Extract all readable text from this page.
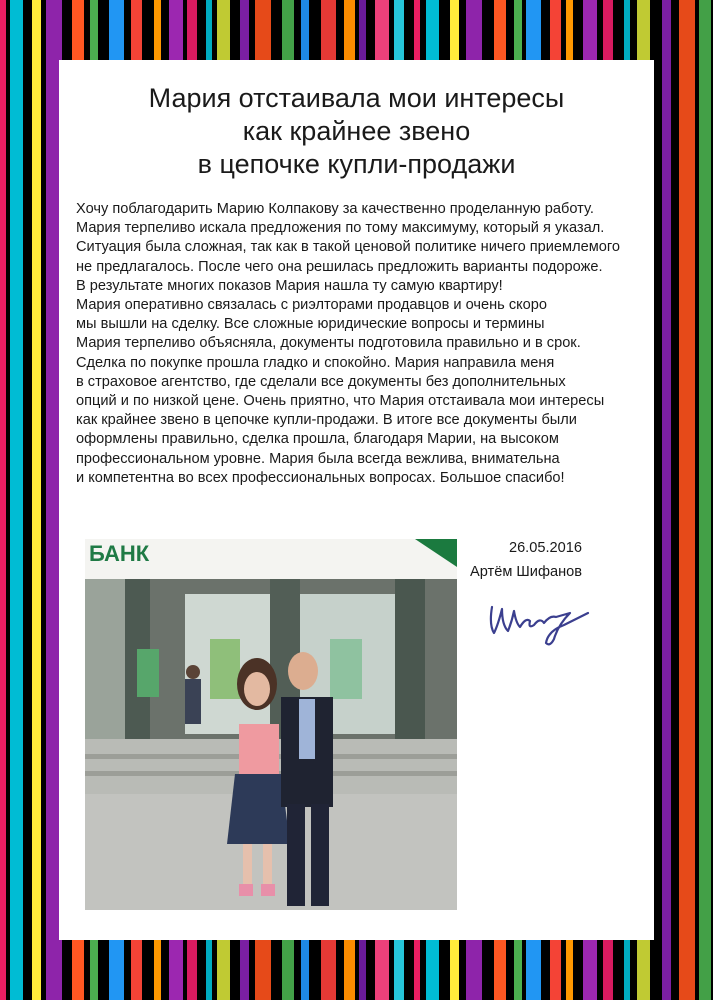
Мария отстаивала мои интересы
как крайнее звено
в цепочке купли-продажи
Хочу поблагодарить Марию Колпакову за качественно проделанную работу.
Мария терпеливо искала предложения по тому максимуму, который я указал.
Ситуация была сложная, так как в такой ценовой политике ничего приемлемого
не предлагалось. После чего она решилась предложить варианты подороже.
В результате многих показов Мария нашла ту самую квартиру!
Мария оперативно связалась с риэлторами продавцов и очень скоро
мы вышли на сделку. Все сложные юридические вопросы и термины
Мария терпеливо объясняла, документы подготовила правильно и в срок.
Сделка по покупке прошла гладко и спокойно. Мария направила меня
в страховое агентство, где сделали все документы без дополнительных
опций и по низкой цене. Очень приятно, что Мария отстаивала мои интересы
как крайнее звено в цепочке купли-продажи. В итоге все документы были
оформлены правильно, сделка прошла, благодаря Марии, на высоком
профессиональном уровне. Мария была всегда вежлива, внимательна
и компетентна во всех профессиональных вопросах. Большое спасибо!
БАНК	26.05.2016
Артём Шифанов
